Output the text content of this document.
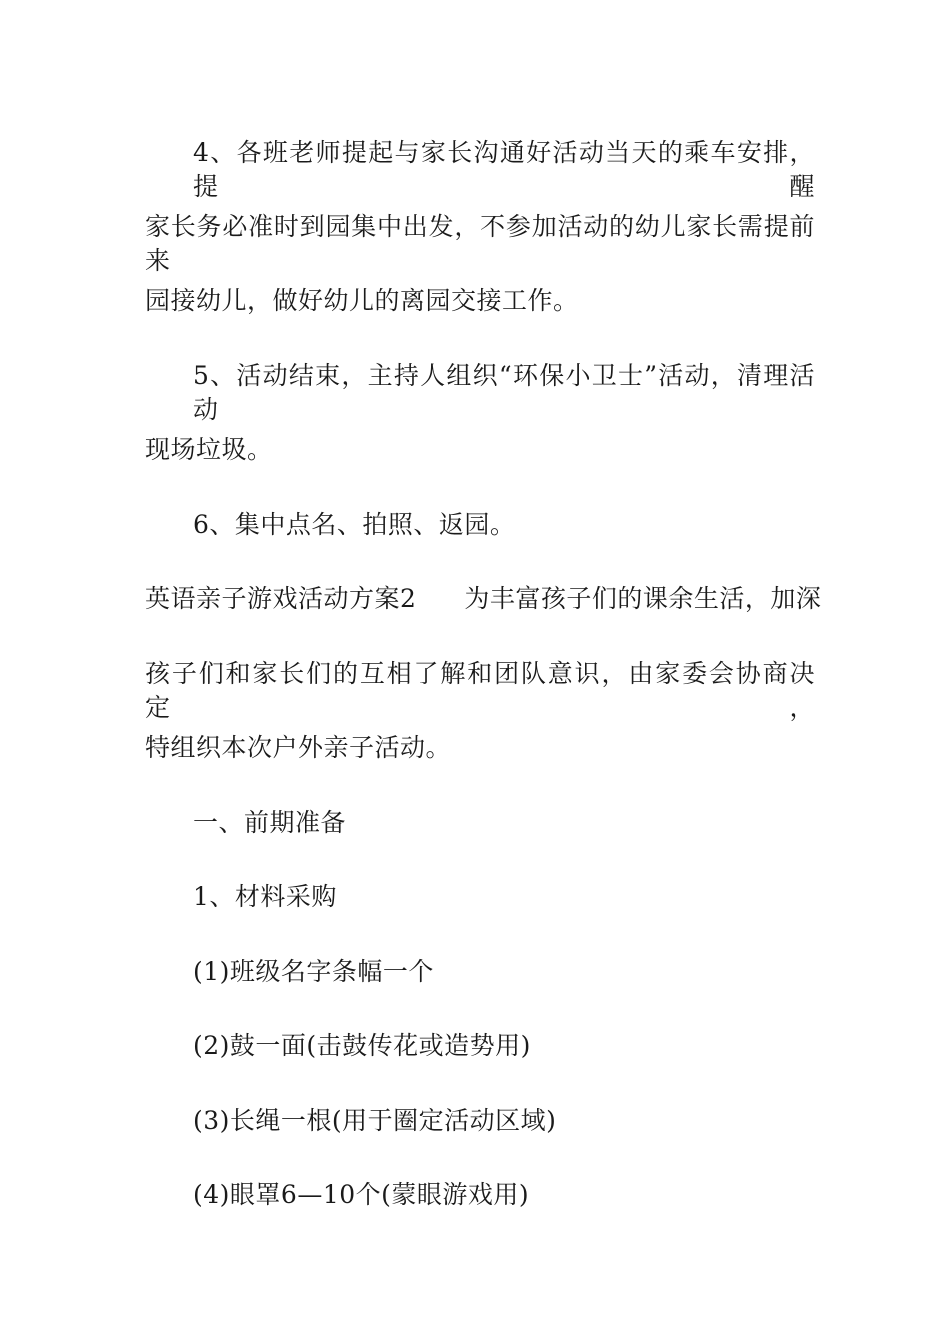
4、各班老师提起与家长沟通好活动当天的乘车安排，提醒
家长务必准时到园集中出发，不参加活动的幼儿家长需提前来
园接幼儿，做好幼儿的离园交接工作。
5、活动结束，主持人组织“环保小卫士”活动，清理活动
现场垃圾。
6、集中点名、拍照、返园。
英语亲子游戏活动方案2 为丰富孩子们的课余生活，加深
孩子们和家长们的互相了解和团队意识，由家委会协商决定，
特组织本次户外亲子活动。
一、前期准备
1、材料采购
(1)班级名字条幅一个
(2)鼓一面(击鼓传花或造势用)
(3)长绳一根(用于圈定活动区域)
(4)眼罩6—10个(蒙眼游戏用)
